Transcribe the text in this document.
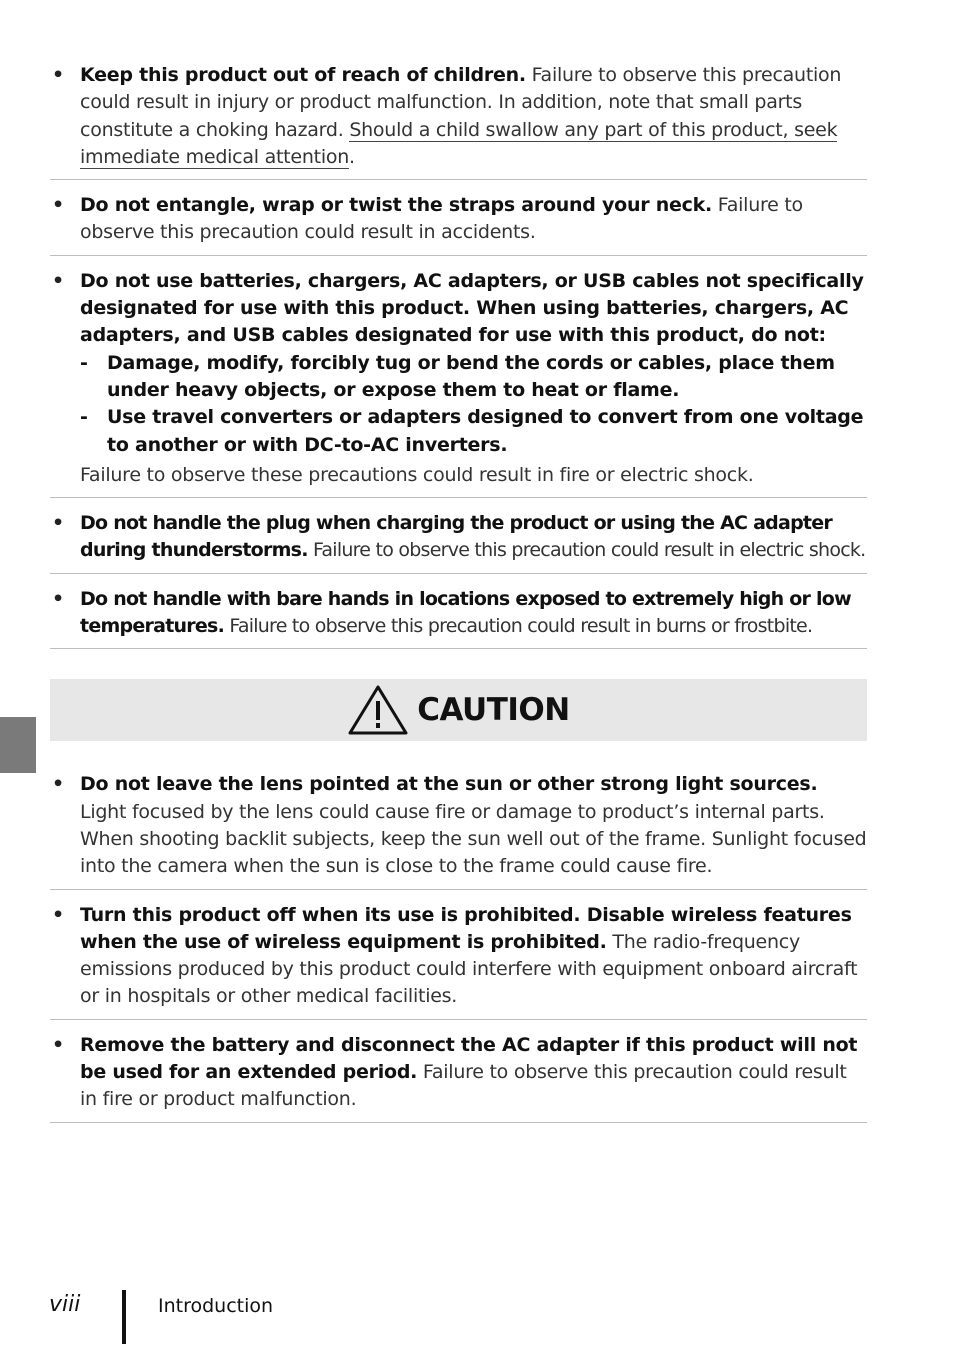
• Keep this product out of reach of children. Failure to observe this precaution could result in injury or product malfunction. In addition, note that small parts constitute a choking hazard. Should a child swallow any part of this product, seek immediate medical attention.
• Do not entangle, wrap or twist the straps around your neck. Failure to observe this precaution could result in accidents.
• Do not use batteries, chargers, AC adapters, or USB cables not specifically designated for use with this product. When using batteries, chargers, AC adapters, and USB cables designated for use with this product, do not:
- Damage, modify, forcibly tug or bend the cords or cables, place them under heavy objects, or expose them to heat or flame.
- Use travel converters or adapters designed to convert from one voltage to another or with DC-to-AC inverters.
Failure to observe these precautions could result in fire or electric shock.
• Do not handle the plug when charging the product or using the AC adapter during thunderstorms. Failure to observe this precaution could result in electric shock.
• Do not handle with bare hands in locations exposed to extremely high or low temperatures. Failure to observe this precaution could result in burns or frostbite.
CAUTION
• Do not leave the lens pointed at the sun or other strong light sources. Light focused by the lens could cause fire or damage to product’s internal parts. When shooting backlit subjects, keep the sun well out of the frame. Sunlight focused into the camera when the sun is close to the frame could cause fire.
• Turn this product off when its use is prohibited. Disable wireless features when the use of wireless equipment is prohibited. The radio-frequency emissions produced by this product could interfere with equipment onboard aircraft or in hospitals or other medical facilities.
• Remove the battery and disconnect the AC adapter if this product will not be used for an extended period. Failure to observe this precaution could result in fire or product malfunction.
viii	Introduction
